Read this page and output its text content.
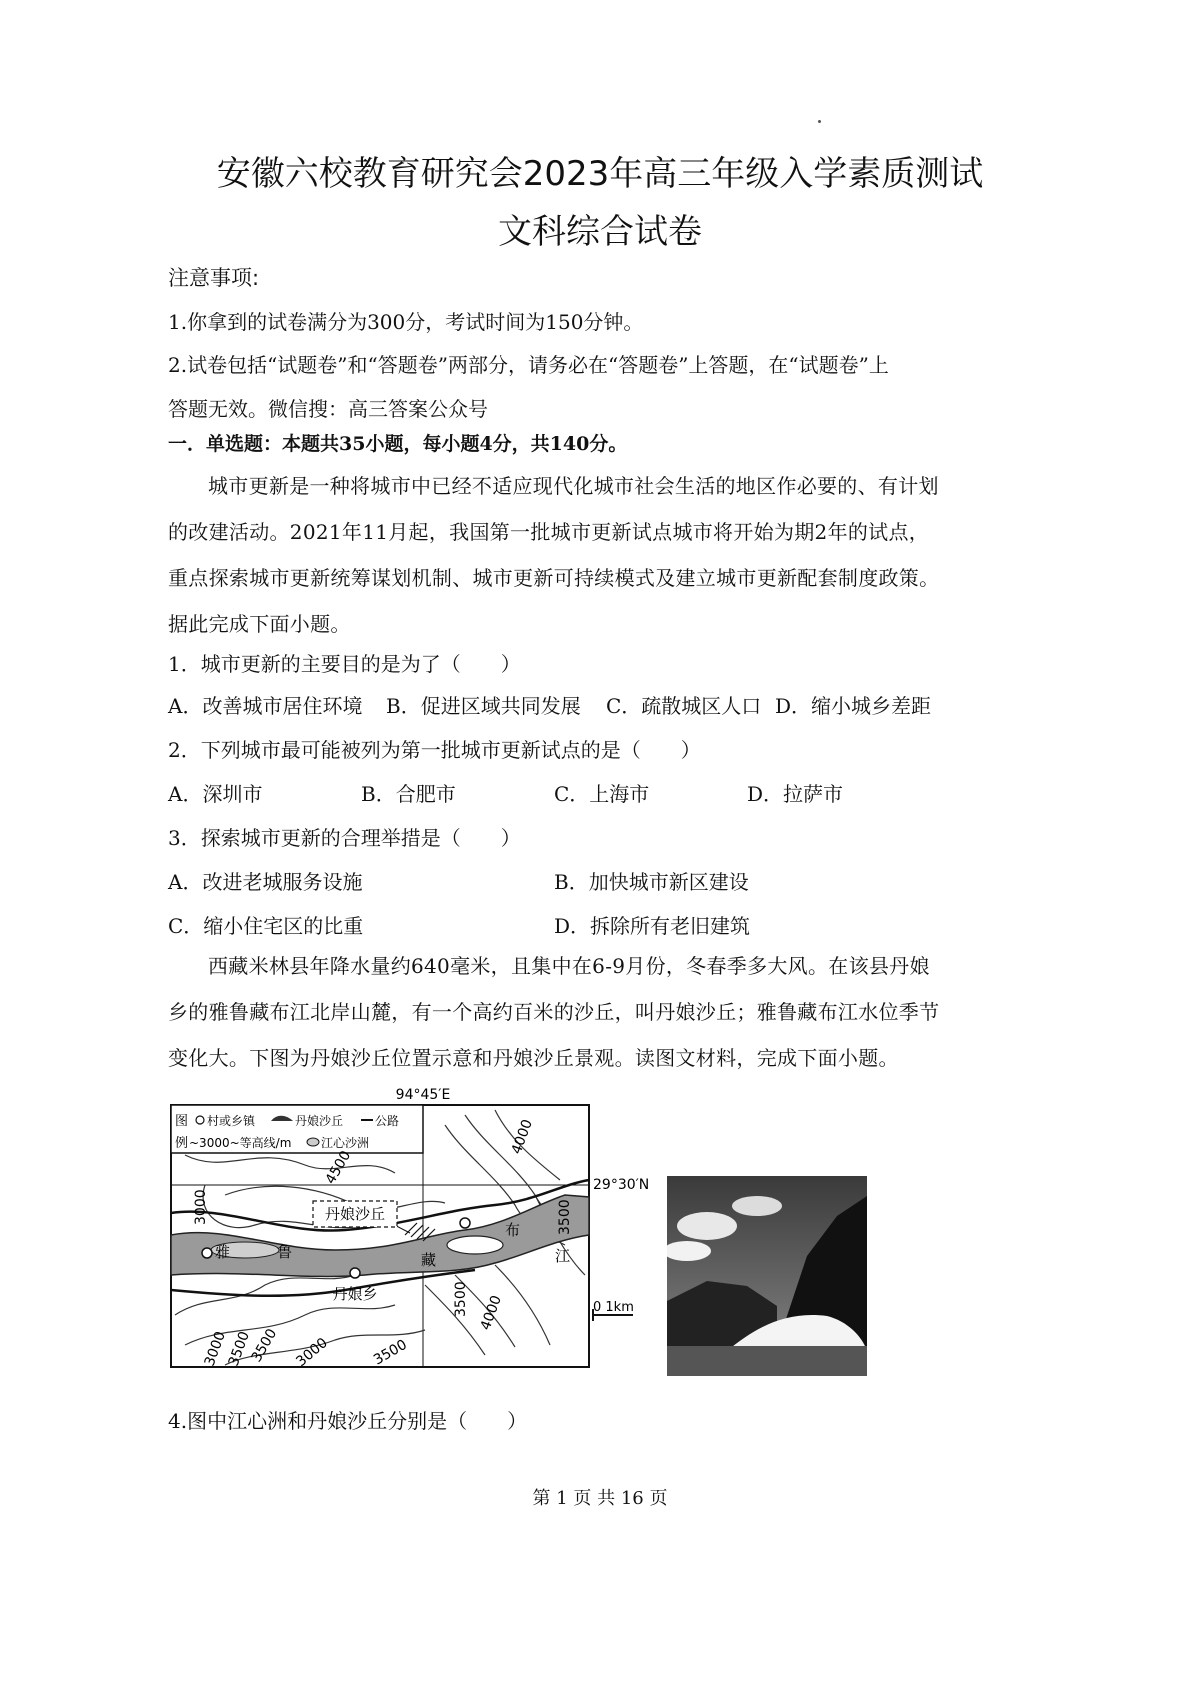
安徽六校教育研究会2023年高三年级入学素质测试
文科综合试卷
注意事项:
1.你拿到的试卷满分为300分，考试时间为150分钟。
2.试卷包括“试题卷”和“答题卷”两部分，请务必在“答题卷”上答题，在“试题卷”上
答题无效。微信搜：高三答案公众号
一．单选题：本题共35小题，每小题4分，共140分。
城市更新是一种将城市中已经不适应现代化城市社会生活的地区作必要的、有计划的改建活动。2021年11月起，我国第一批城市更新试点城市将开始为期2年的试点，重点探索城市更新统筹谋划机制、城市更新可持续模式及建立城市更新配套制度政策。据此完成下面小题。
1．城市更新的主要目的是为了（　　）
A．改善城市居住环境 B．促进区域共同发展 C．疏散城区人口 D．缩小城乡差距
2．下列城市最可能被列为第一批城市更新试点的是（　　）
A．深圳市	B．合肥市	C．上海市	D．拉萨市
3．探索城市更新的合理举措是（　　）
A．改进老城服务设施	B．加快城市新区建设
C．缩小住宅区的比重	D．拆除所有老旧建筑
西藏米林县年降水量约640毫米，且集中在6-9月份，冬春季多大风。在该县丹娘乡的雅鲁藏布江北岸山麓，有一个高约百米的沙丘，叫丹娘沙丘；雅鲁藏布江水位季节变化大。下图为丹娘沙丘位置示意和丹娘沙丘景观。读图文材料，完成下面小题。
94°45′E
29°30′N
图
例
村或乡镇	丹娘沙丘	公路
~3000~等高线/m 江心沙洲
丹娘沙丘
丹娘乡
雅	鲁	藏
布
江
4000
4500
3000	3500
3500 4000
3500
3000
3500
3000
3500
0 1km
4.图中江心洲和丹娘沙丘分别是（　　）
第 1 页 共 16 页
